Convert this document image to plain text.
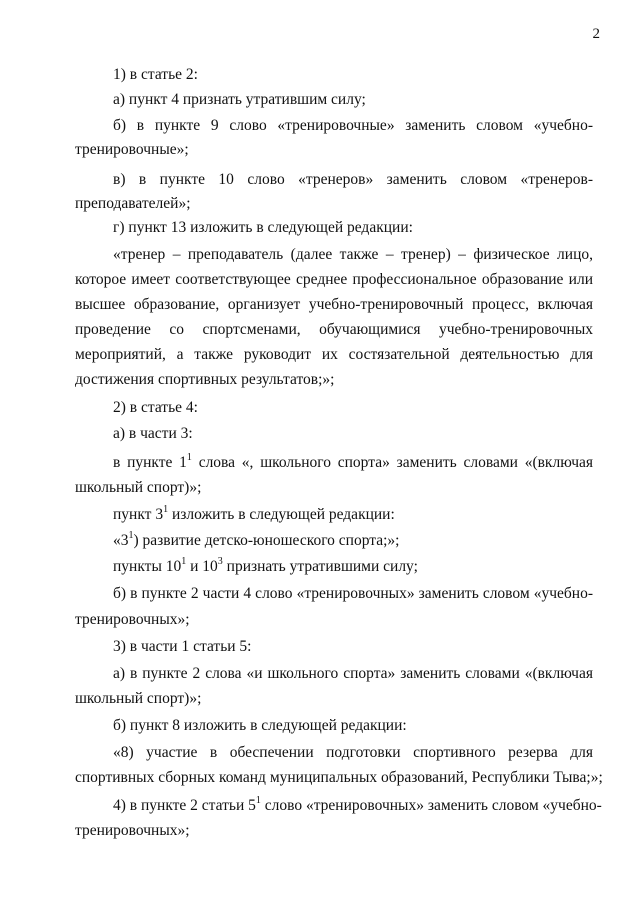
2
1) в статье 2:
а) пункт 4 признать утратившим силу;
б) в пункте 9 слово «тренировочные» заменить словом «учебно-
тренировочные»;
в) в пункте 10 слово «тренеров» заменить словом «тренеров-
преподавателей»;
г) пункт 13 изложить в следующей редакции:
«тренер – преподаватель (далее также – тренер) – физическое лицо,
которое имеет соответствующее среднее профессиональное образование или
высшее образование, организует учебно-тренировочный процесс, включая
проведение со спортсменами, обучающимися учебно-тренировочных
мероприятий, а также руководит их состязательной деятельностью для
достижения спортивных результатов;»;
2) в статье 4:
а) в части 3:
в пункте $1^1$ слова «, школьного спорта» заменить словами «(включая
школьный спорт)»;
пункт $3^1$ изложить в следующей редакции:
«$3^1$) развитие детско-юношеского спорта;»;
пункты $10^1$ и $10^3$ признать утратившими силу;
б) в пункте 2 части 4 слово «тренировочных» заменить словом «учебно-
тренировочных»;
3) в части 1 статьи 5:
а) в пункте 2 слова «и школьного спорта» заменить словами «(включая
школьный спорт)»;
б) пункт 8 изложить в следующей редакции:
«8) участие в обеспечении подготовки спортивного резерва для
спортивных сборных команд муниципальных образований, Республики Тыва;»;
4) в пункте 2 статьи $5^1$ слово «тренировочных» заменить словом «учебно-
тренировочных»;
